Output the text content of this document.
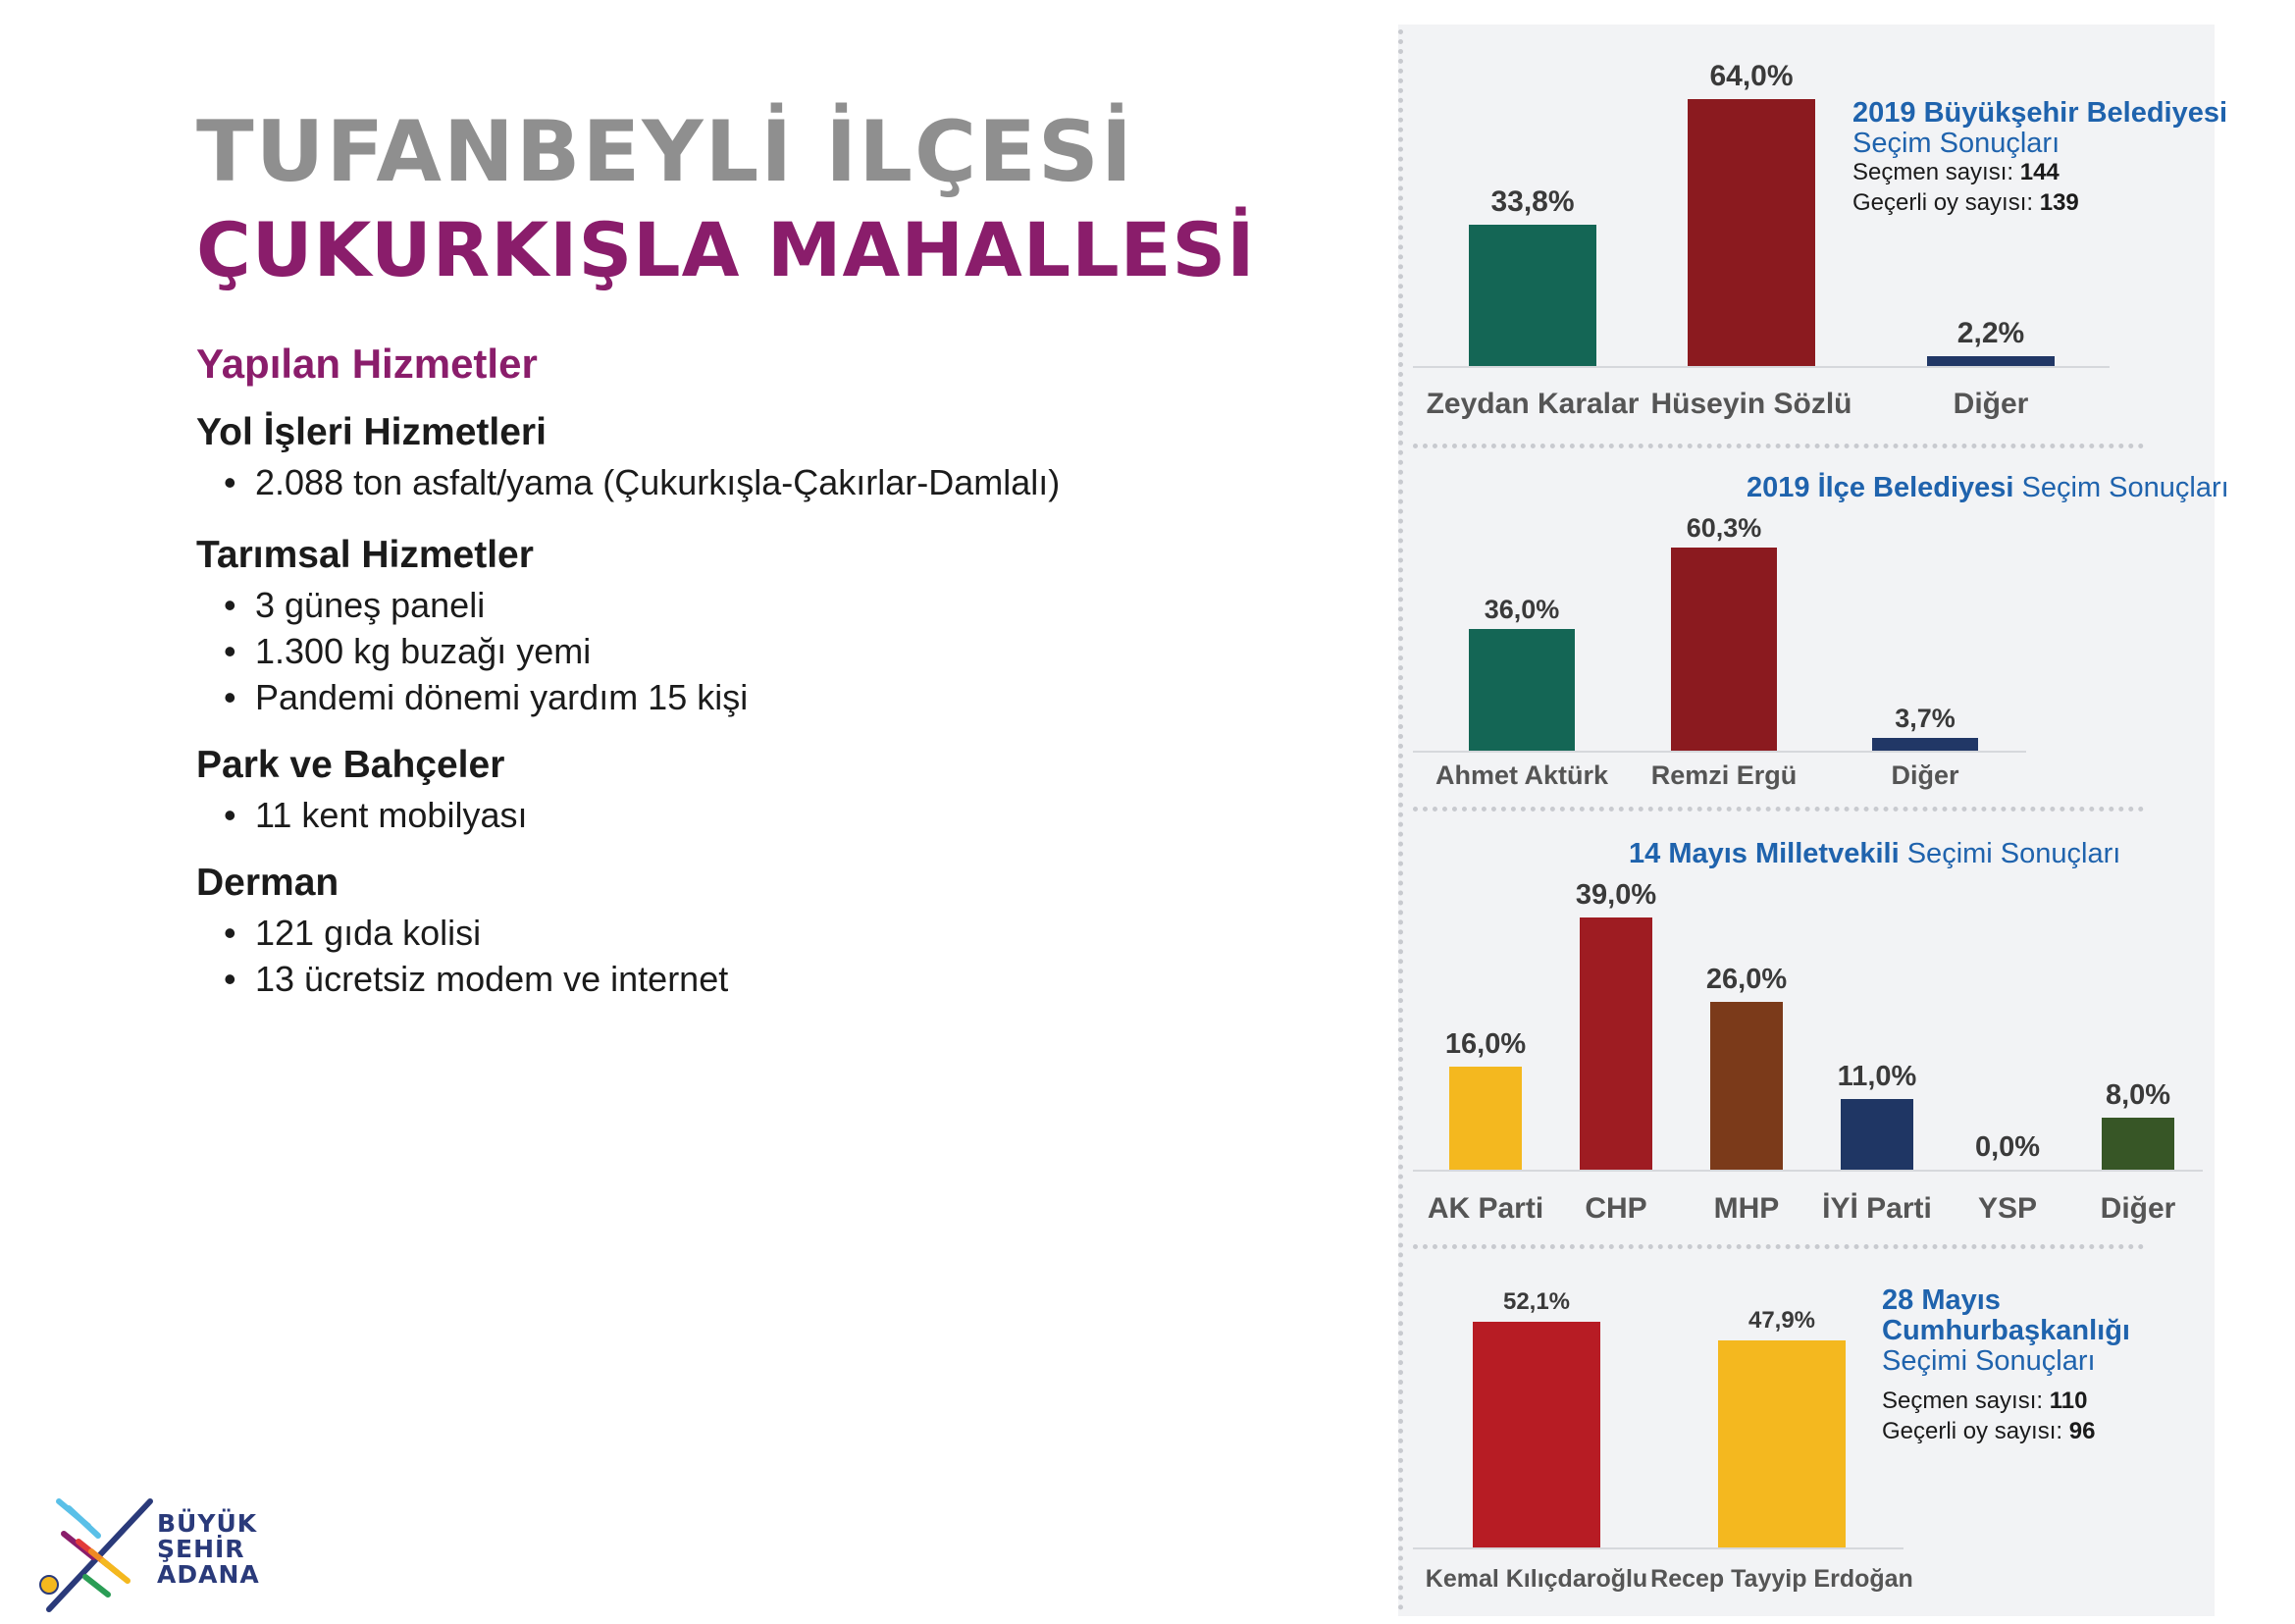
TUFANBEYLİ İLÇESİ
ÇUKURKIŞLA MAHALLESİ
Yapılan Hizmetler
Yol İşleri Hizmetleri
• 2.088 ton asfalt/yama (Çukurkışla-Çakırlar-Damlalı)
Tarımsal Hizmetler
• 3 güneş paneli
• 1.300 kg buzağı yemi
• Pandemi dönemi yardım 15 kişi
Park ve Bahçeler
• 11 kent mobilyası
Derman
• 121 gıda kolisi
• 13 ücretsiz modem ve internet
BÜYÜK
ŞEHİR
ADANA
33,8%
Zeydan Karalar
64,0%
Hüseyin Sözlü
2,2%
Diğer
36,0%
Ahmet Aktürk
60,3%
Remzi Ergü
3,7%
Diğer
16,0%
AK Parti
39,0%
CHP
26,0%
MHP
11,0%
İYİ Parti
0,0%
YSP
8,0%
Diğer
52,1%
Kemal Kılıçdaroğlu
47,9%
Recep Tayyip Erdoğan
2019 Büyükşehir Belediyesi
Seçim Sonuçları
Seçmen sayısı: 144
Geçerli oy sayısı: 139
2019 İlçe Belediyesi Seçim Sonuçları
14 Mayıs Milletvekili Seçimi Sonuçları
28 Mayıs
Cumhurbaşkanlığı
Seçimi Sonuçları
Seçmen sayısı: 110
Geçerli oy sayısı: 96
